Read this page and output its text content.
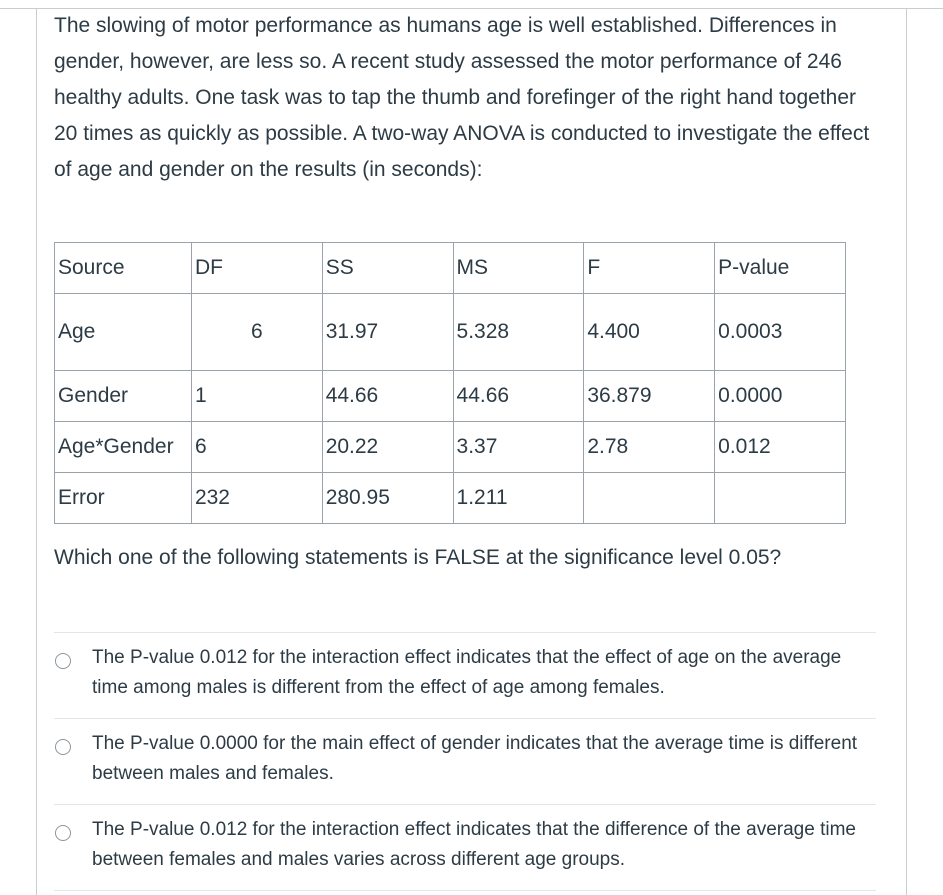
The slowing of motor performance as humans age is well established. Differences in gender, however, are less so. A recent study assessed the motor performance of 246 healthy adults. One task was to tap the thumb and forefinger of the right hand together 20 times as quickly as possible. A two-way ANOVA is conducted to investigate the effect of age and gender on the results (in seconds):

Source	DF	SS	MS	F	P-value
Age	6	31.97	5.328	4.400	0.0003
Gender	1	44.66	44.66	36.879	0.0000
Age*Gender	6	20.22	3.37	2.78	0.012
Error	232	280.95	1.211		
Which one of the following statements is FALSE at the significance level 0.05?
The P-value 0.012 for the interaction effect indicates that the effect of age on the average time among males is different from the effect of age among females.
The P-value 0.0000 for the main effect of gender indicates that the average time is different between males and females.
The P-value 0.012 for the interaction effect indicates that the difference of the average time between females and males varies across different age groups.
